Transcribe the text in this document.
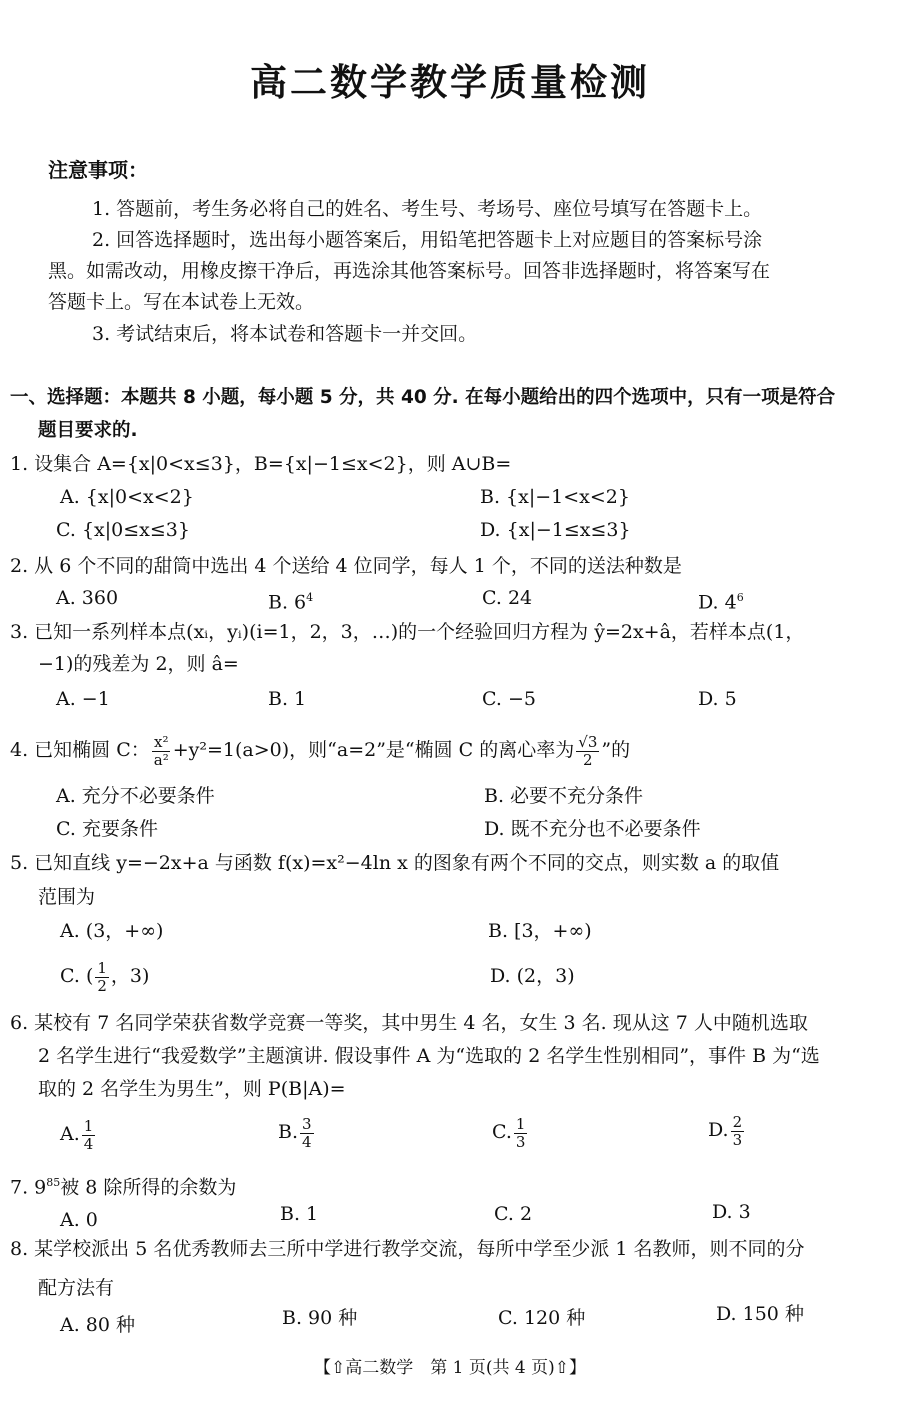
高二数学教学质量检测
注意事项：
1. 答题前，考生务必将自己的姓名、考生号、考场号、座位号填写在答题卡上。
2. 回答选择题时，选出每小题答案后，用铅笔把答题卡上对应题目的答案标号涂
黑。如需改动，用橡皮擦干净后，再选涂其他答案标号。回答非选择题时，将答案写在
答题卡上。写在本试卷上无效。
3. 考试结束后，将本试卷和答题卡一并交回。
一、选择题：本题共 8 小题，每小题 5 分，共 40 分. 在每小题给出的四个选项中，只有一项是符合
题目要求的.
1. 设集合 A={x|0<x≤3}，B={x|−1≤x<2}，则 A∪B=
A. {x|0<x<2}	B. {x|−1<x<2}
C. {x|0≤x≤3}	D. {x|−1≤x≤3}
2. 从 6 个不同的甜筒中选出 4 个送给 4 位同学，每人 1 个，不同的送法种数是
A. 360	B. $6^4$	C. 24	D. $4^6$
3. 已知一系列样本点(xᵢ，yᵢ)(i=1，2，3，…)的一个经验回归方程为 ŷ=2x+â，若样本点(1，
−1)的残差为 2，则 â=
A. −1	B. 1	C. −5	D. 5
4. 已知椭圆 C： $\frac{\text{x²}}{\text{a²}} +y^2=1(a>0)$，则“a=2”是“椭圆 C 的离心率为 $\frac{√3}{2}$ ”的
A. 充分不必要条件	B. 必要不充分条件
C. 充要条件	D. 既不充分也不必要条件
5. 已知直线 y=−2x+a 与函数 f(x)=x²−4ln x 的图象有两个不同的交点，则实数 a 的取值
范围为
A. (3，+∞)	B. [3，+∞)
C. ( $\frac{1}{2}$ ，3)	D. (2，3)
6. 某校有 7 名同学荣获省数学竞赛一等奖，其中男生 4 名，女生 3 名. 现从这 7 人中随机选取
2 名学生进行“我爱数学”主题演讲. 假设事件 A 为“选取的 2 名学生性别相同”，事件 B 为“选
取的 2 名学生为男生”，则 P(B|A)=
A. $\frac{1}{4}$	B. $\frac{3}{4}$	C. $\frac{1}{3}$	D. $\frac{2}{3}$
7. $9^{85}$被 8 除所得的余数为
A. 0	B. 1	C. 2	D. 3
8. 某学校派出 5 名优秀教师去三所中学进行教学交流，每所中学至少派 1 名教师，则不同的分
配方法有
A. 80 种	B. 90 种	C. 120 种	D. 150 种
【⇧高二数学　第 1 页(共 4 页)⇧】
